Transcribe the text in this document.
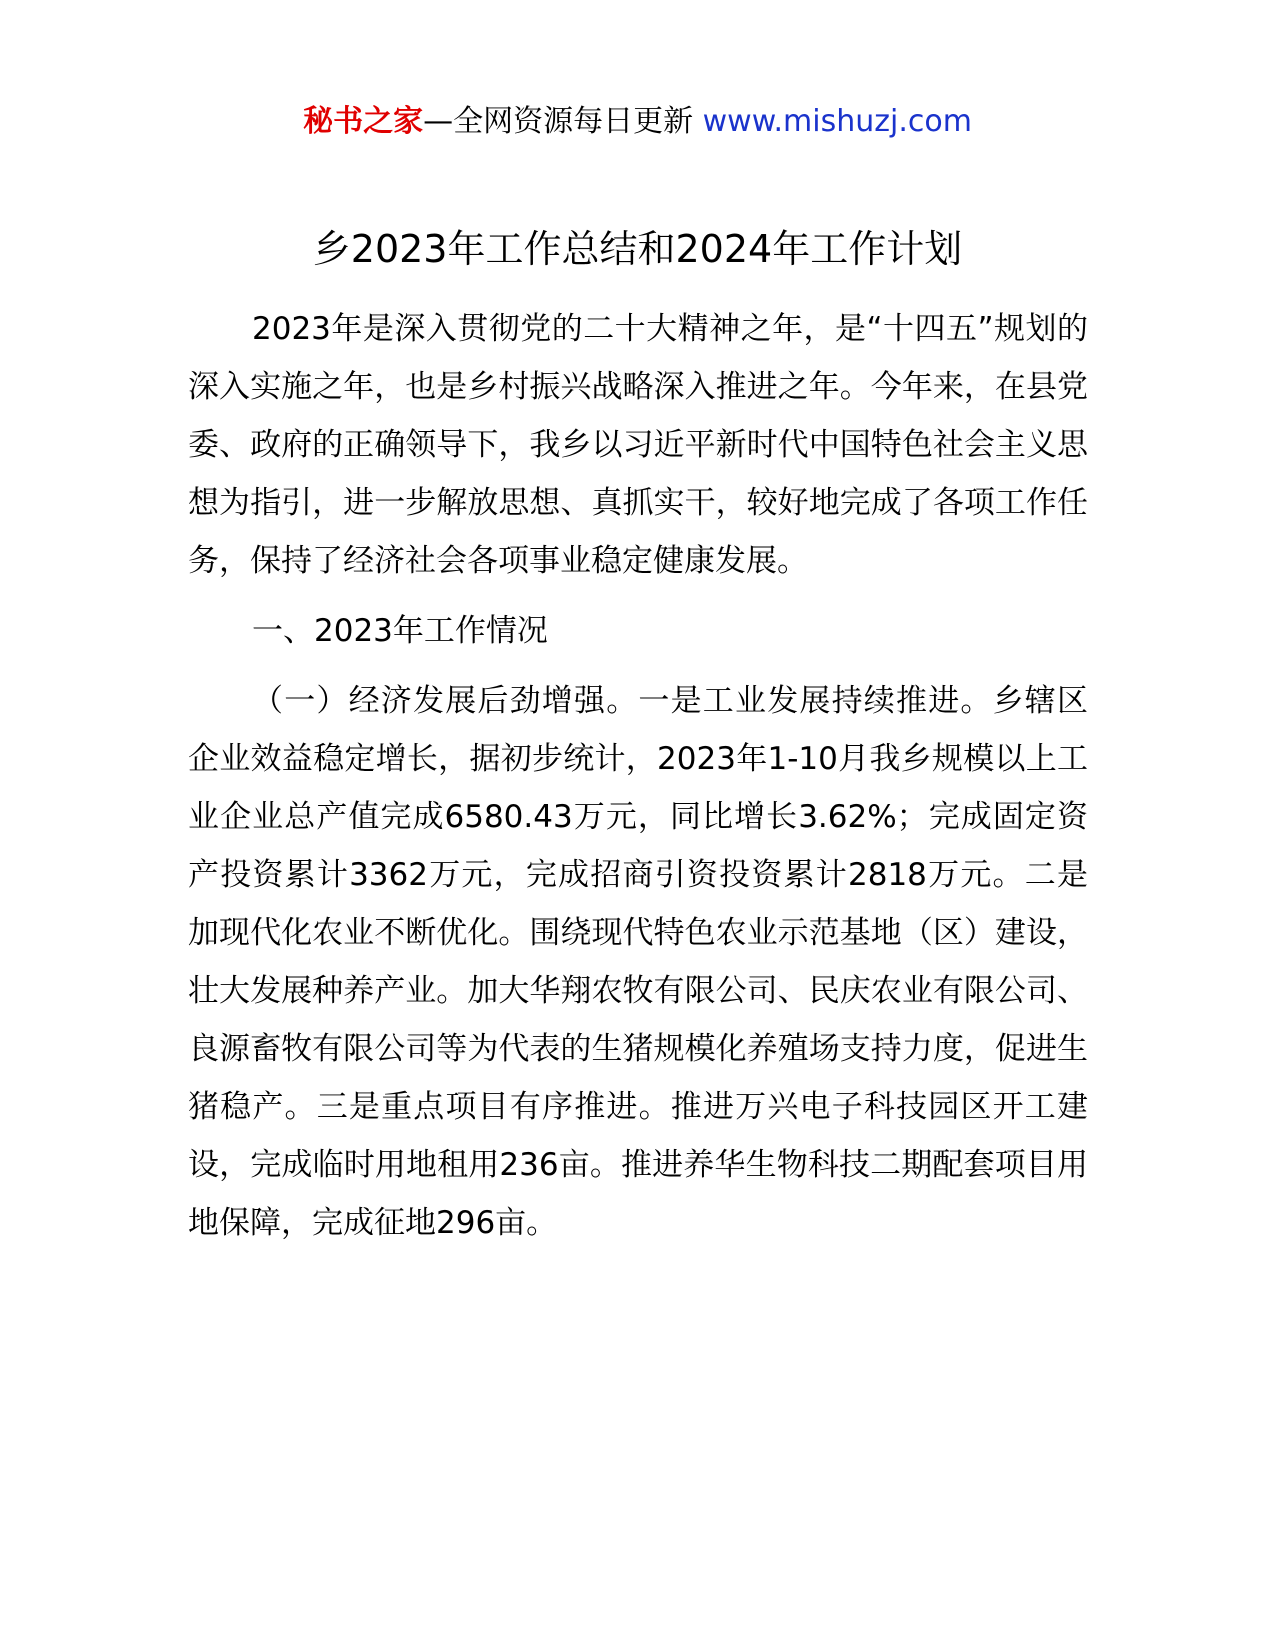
秘书之家—全网资源每日更新 www.mishuzj.com
乡2023年工作总结和2024年工作计划

2023年是深入贯彻党的二十大精神之年，是“十四五”规划的深入实施之年，也是乡村振兴战略深入推进之年。今年来，在县党委、政府的正确领导下，我乡以习近平新时代中国特色社会主义思想为指引，进一步解放思想、真抓实干，较好地完成了各项工作任务，保持了经济社会各项事业稳定健康发展。

一、2023年工作情况

（一）经济发展后劲增强。一是工业发展持续推进。乡辖区企业效益稳定增长，据初步统计，2023年1-10月我乡规模以上工业企业总产值完成6580.43万元，同比增长3.62%；完成固定资产投资累计3362万元，完成招商引资投资累计2818万元。二是加现代化农业不断优化。围绕现代特色农业示范基地（区）建设，壮大发展种养产业。加大华翔农牧有限公司、民庆农业有限公司、良源畜牧有限公司等为代表的生猪规模化养殖场支持力度，促进生猪稳产。三是重点项目有序推进。推进万兴电子科技园区开工建设，完成临时用地租用236亩。推进养华生物科技二期配套项目用地保障，完成征地296亩。
